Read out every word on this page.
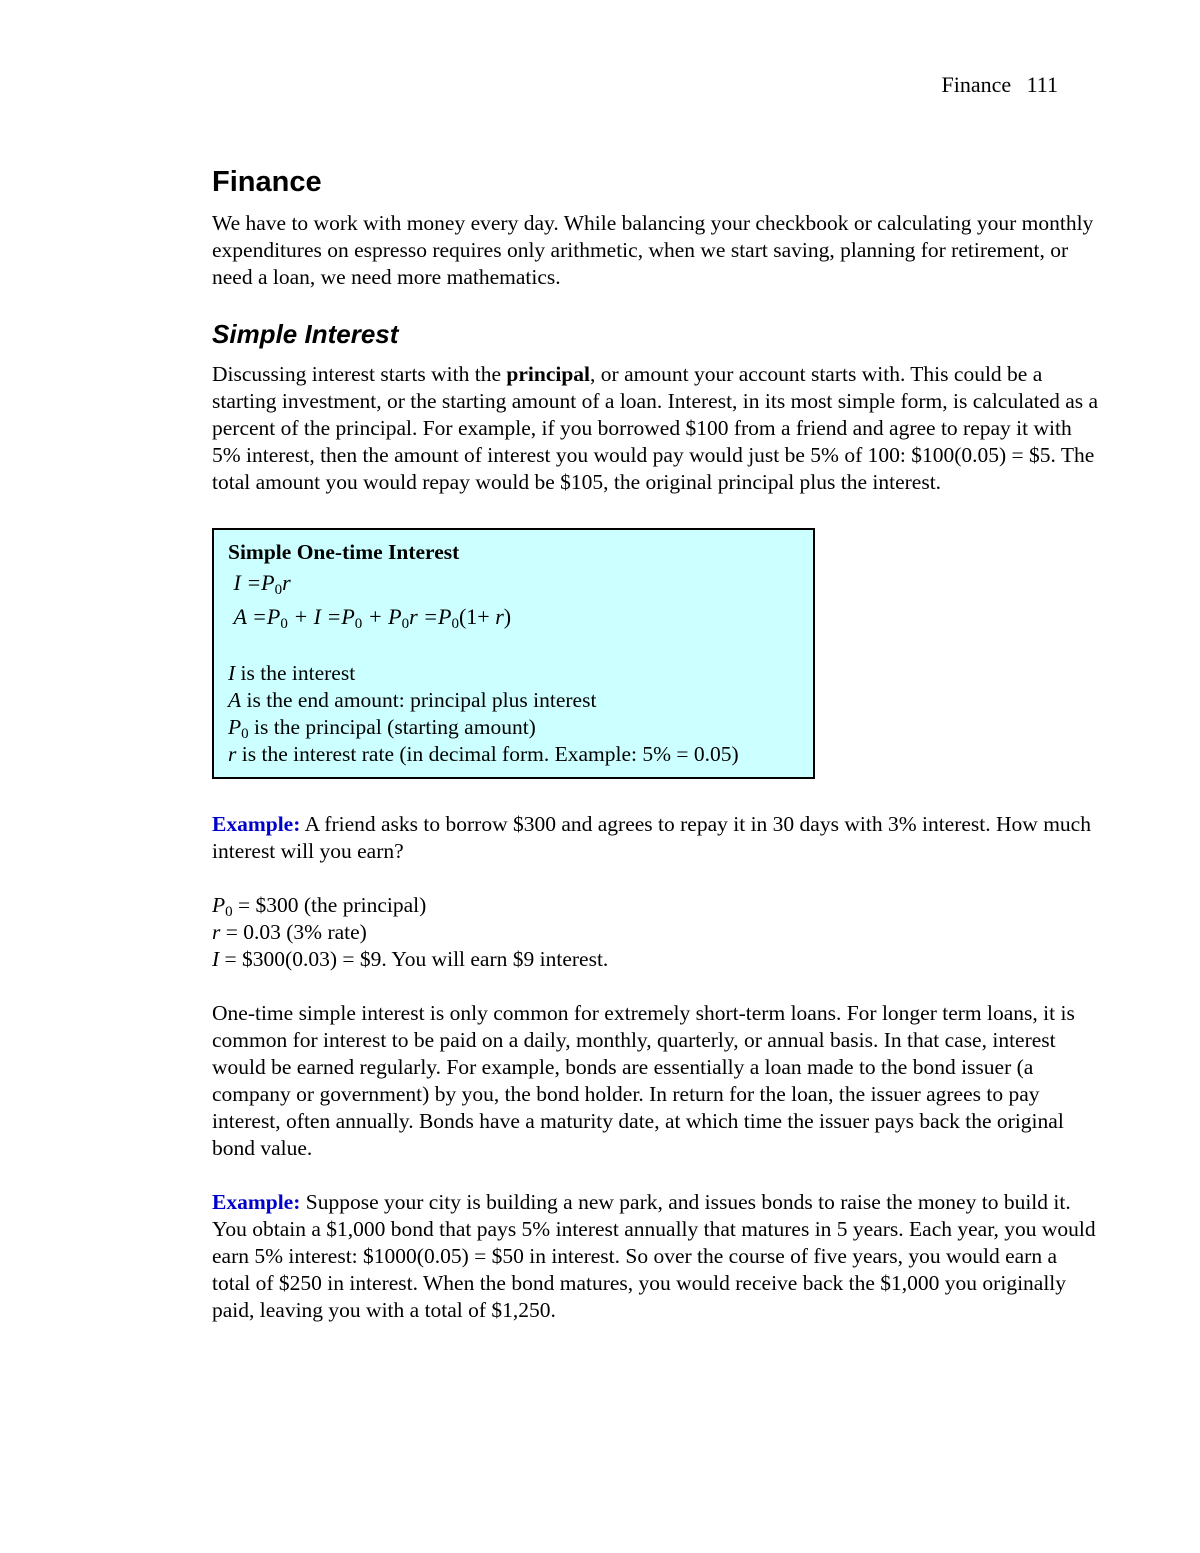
Finance 111
Finance

We have to work with money every day. While balancing your checkbook or calculating your monthly expenditures on espresso requires only arithmetic, when we start saving, planning for retirement, or need a loan, we need more mathematics.

Simple Interest

Discussing interest starts with the principal, or amount your account starts with. This could be a starting investment, or the starting amount of a loan. Interest, in its most simple form, is calculated as a percent of the principal. For example, if you borrowed $100 from a friend and agree to repay it with 5% interest, then the amount of interest you would pay would just be 5% of 100: $100(0.05) = $5. The total amount you would repay would be $105, the original principal plus the interest.

Simple One-time Interest
$I =P_0r$
$A =P_0 + I =P_0 + P_0r =P_0(1+ r)$
I is the interest
A is the end amount: principal plus interest
$P_0$ is the principal (starting amount)
r is the interest rate (in decimal form. Example: 5% = 0.05)

Example: A friend asks to borrow $300 and agrees to repay it in 30 days with 3% interest. How much interest will you earn?

$P_0$ = $300 (the principal)
r = 0.03 (3% rate)
I = $300(0.03) = $9. You will earn $9 interest.

One-time simple interest is only common for extremely short-term loans. For longer term loans, it is common for interest to be paid on a daily, monthly, quarterly, or annual basis. In that case, interest would be earned regularly. For example, bonds are essentially a loan made to the bond issuer (a company or government) by you, the bond holder. In return for the loan, the issuer agrees to pay interest, often annually. Bonds have a maturity date, at which time the issuer pays back the original bond value.

Example: Suppose your city is building a new park, and issues bonds to raise the money to build it. You obtain a $1,000 bond that pays 5% interest annually that matures in 5 years. Each year, you would earn 5% interest: $1000(0.05) = $50 in interest. So over the course of five years, you would earn a total of $250 in interest. When the bond matures, you would receive back the $1,000 you originally paid, leaving you with a total of $1,250.
